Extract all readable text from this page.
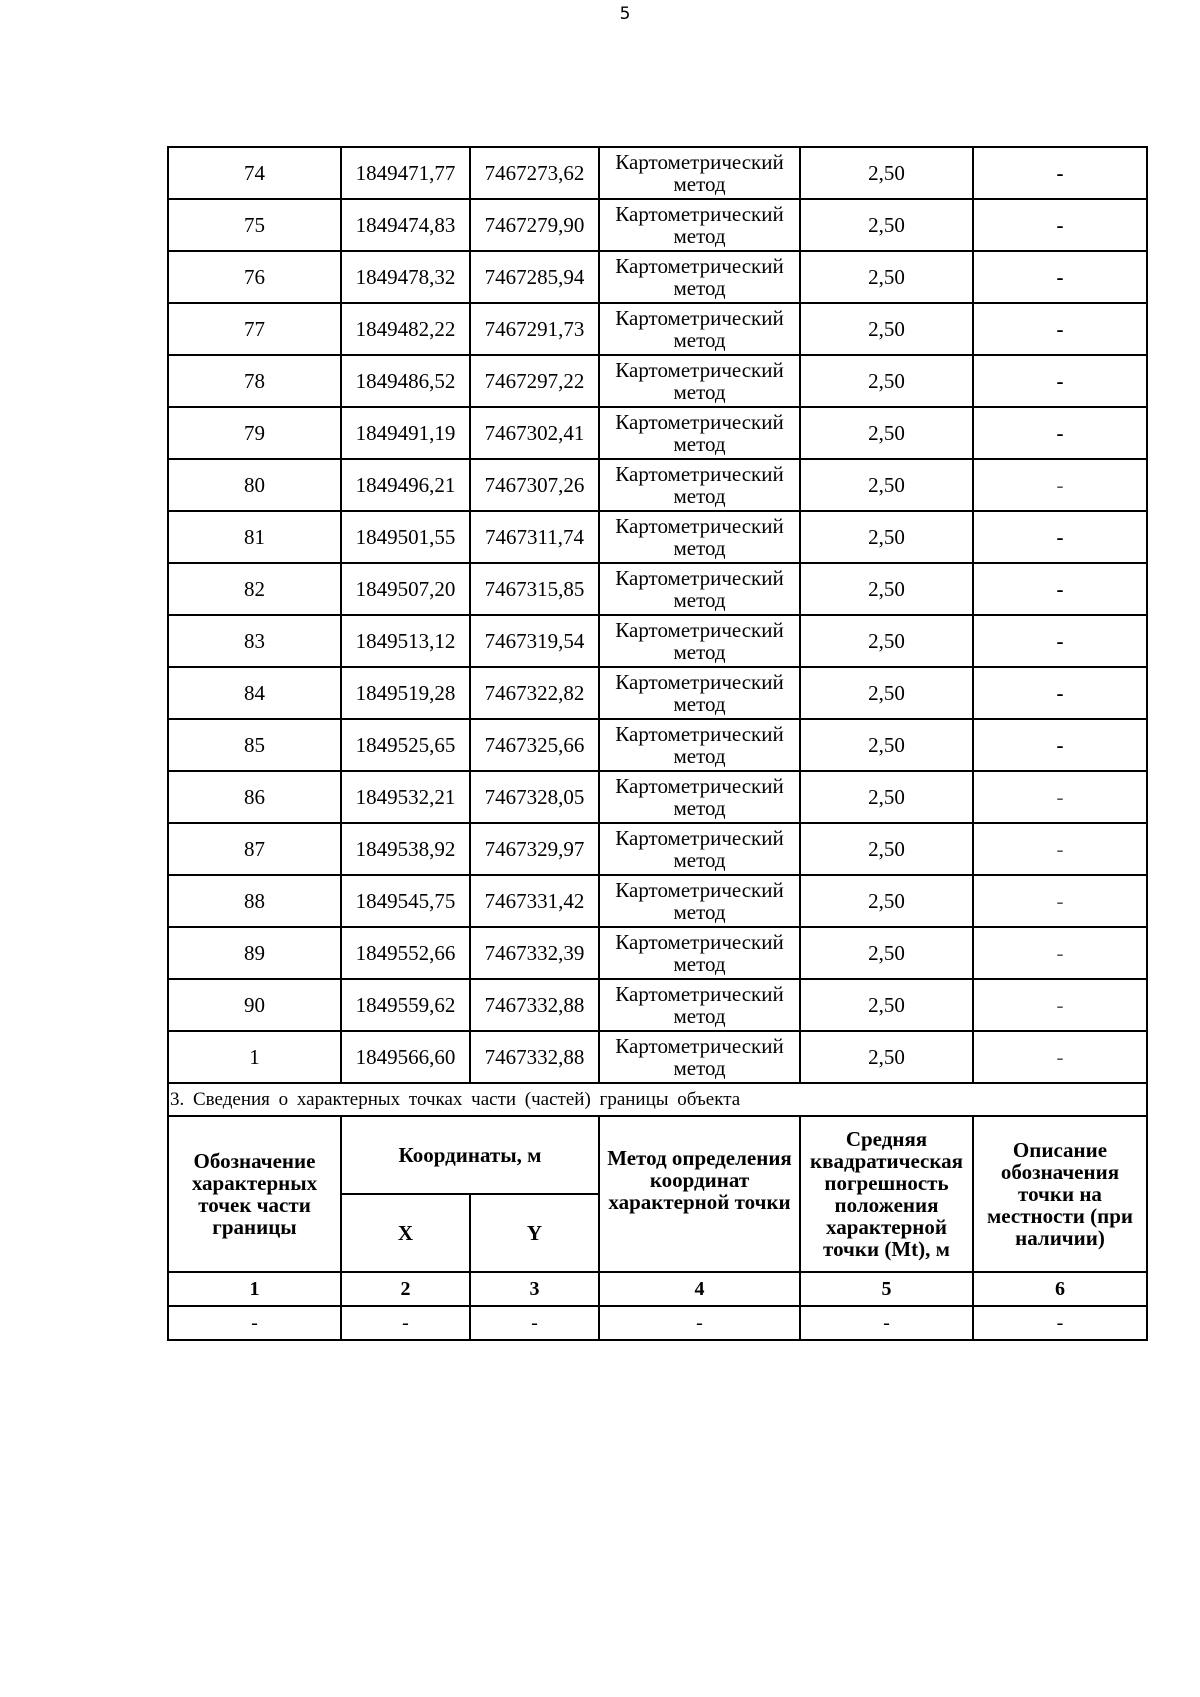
5
74	1849471,77	7467273,62	Картометрический метод	2,50	-
75	1849474,83	7467279,90	Картометрический метод	2,50	-
76	1849478,32	7467285,94	Картометрический метод	2,50	-
77	1849482,22	7467291,73	Картометрический метод	2,50	-
78	1849486,52	7467297,22	Картометрический метод	2,50	-
79	1849491,19	7467302,41	Картометрический метод	2,50	-
80	1849496,21	7467307,26	Картометрический метод	2,50	-
81	1849501,55	7467311,74	Картометрический метод	2,50	-
82	1849507,20	7467315,85	Картометрический метод	2,50	-
83	1849513,12	7467319,54	Картометрический метод	2,50	-
84	1849519,28	7467322,82	Картометрический метод	2,50	-
85	1849525,65	7467325,66	Картометрический метод	2,50	-
86	1849532,21	7467328,05	Картометрический метод	2,50	-
87	1849538,92	7467329,97	Картометрический метод	2,50	-
88	1849545,75	7467331,42	Картометрический метод	2,50	-
89	1849552,66	7467332,39	Картометрический метод	2,50	-
90	1849559,62	7467332,88	Картометрический метод	2,50	-
1	1849566,60	7467332,88	Картометрический метод	2,50	-
3. Сведения о характерных точках части (частей) границы объекта					
Обозначение характерных точек части границы	Координаты, м		Метод определения координат характерной точки	Средняя квадратическая погрешность положения характерной точки (Mt), м	Описание обозначения точки на местности (при наличии)
	X	Y			
1	2	3	4	5	6
-	-	-	-	-	-
